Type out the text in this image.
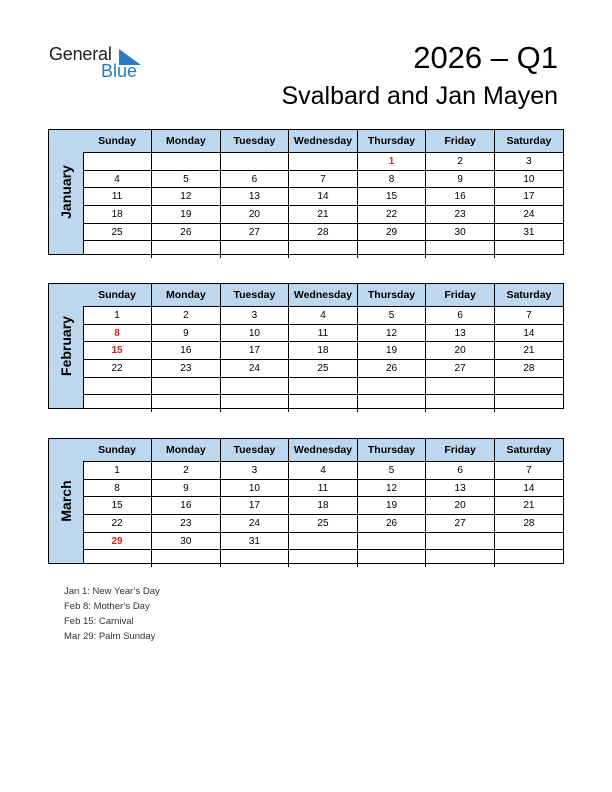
General
Blue	2026 – Q1
Svalbard and Jan Mayen
January
Sunday	Monday	Tuesday	Wednesday	Thursday	Friday	Saturday
				1	2	3
4	5	6	7	8	9	10
11	12	13	14	15	16	17
18	19	20	21	22	23	24
25	26	27	28	29	30	31

February
Sunday	Monday	Tuesday	Wednesday	Thursday	Friday	Saturday
1	2	3	4	5	6	7
8	9	10	11	12	13	14
15	16	17	18	19	20	21
22	23	24	25	26	27	28

March
Sunday	Monday	Tuesday	Wednesday	Thursday	Friday	Saturday
1	2	3	4	5	6	7
8	9	10	11	12	13	14
15	16	17	18	19	20	21
22	23	24	25	26	27	28
29	30	31				

Jan 1: New Year’s Day
Feb 8: Mother’s Day
Feb 15: Carnival
Mar 29: Palm Sunday
